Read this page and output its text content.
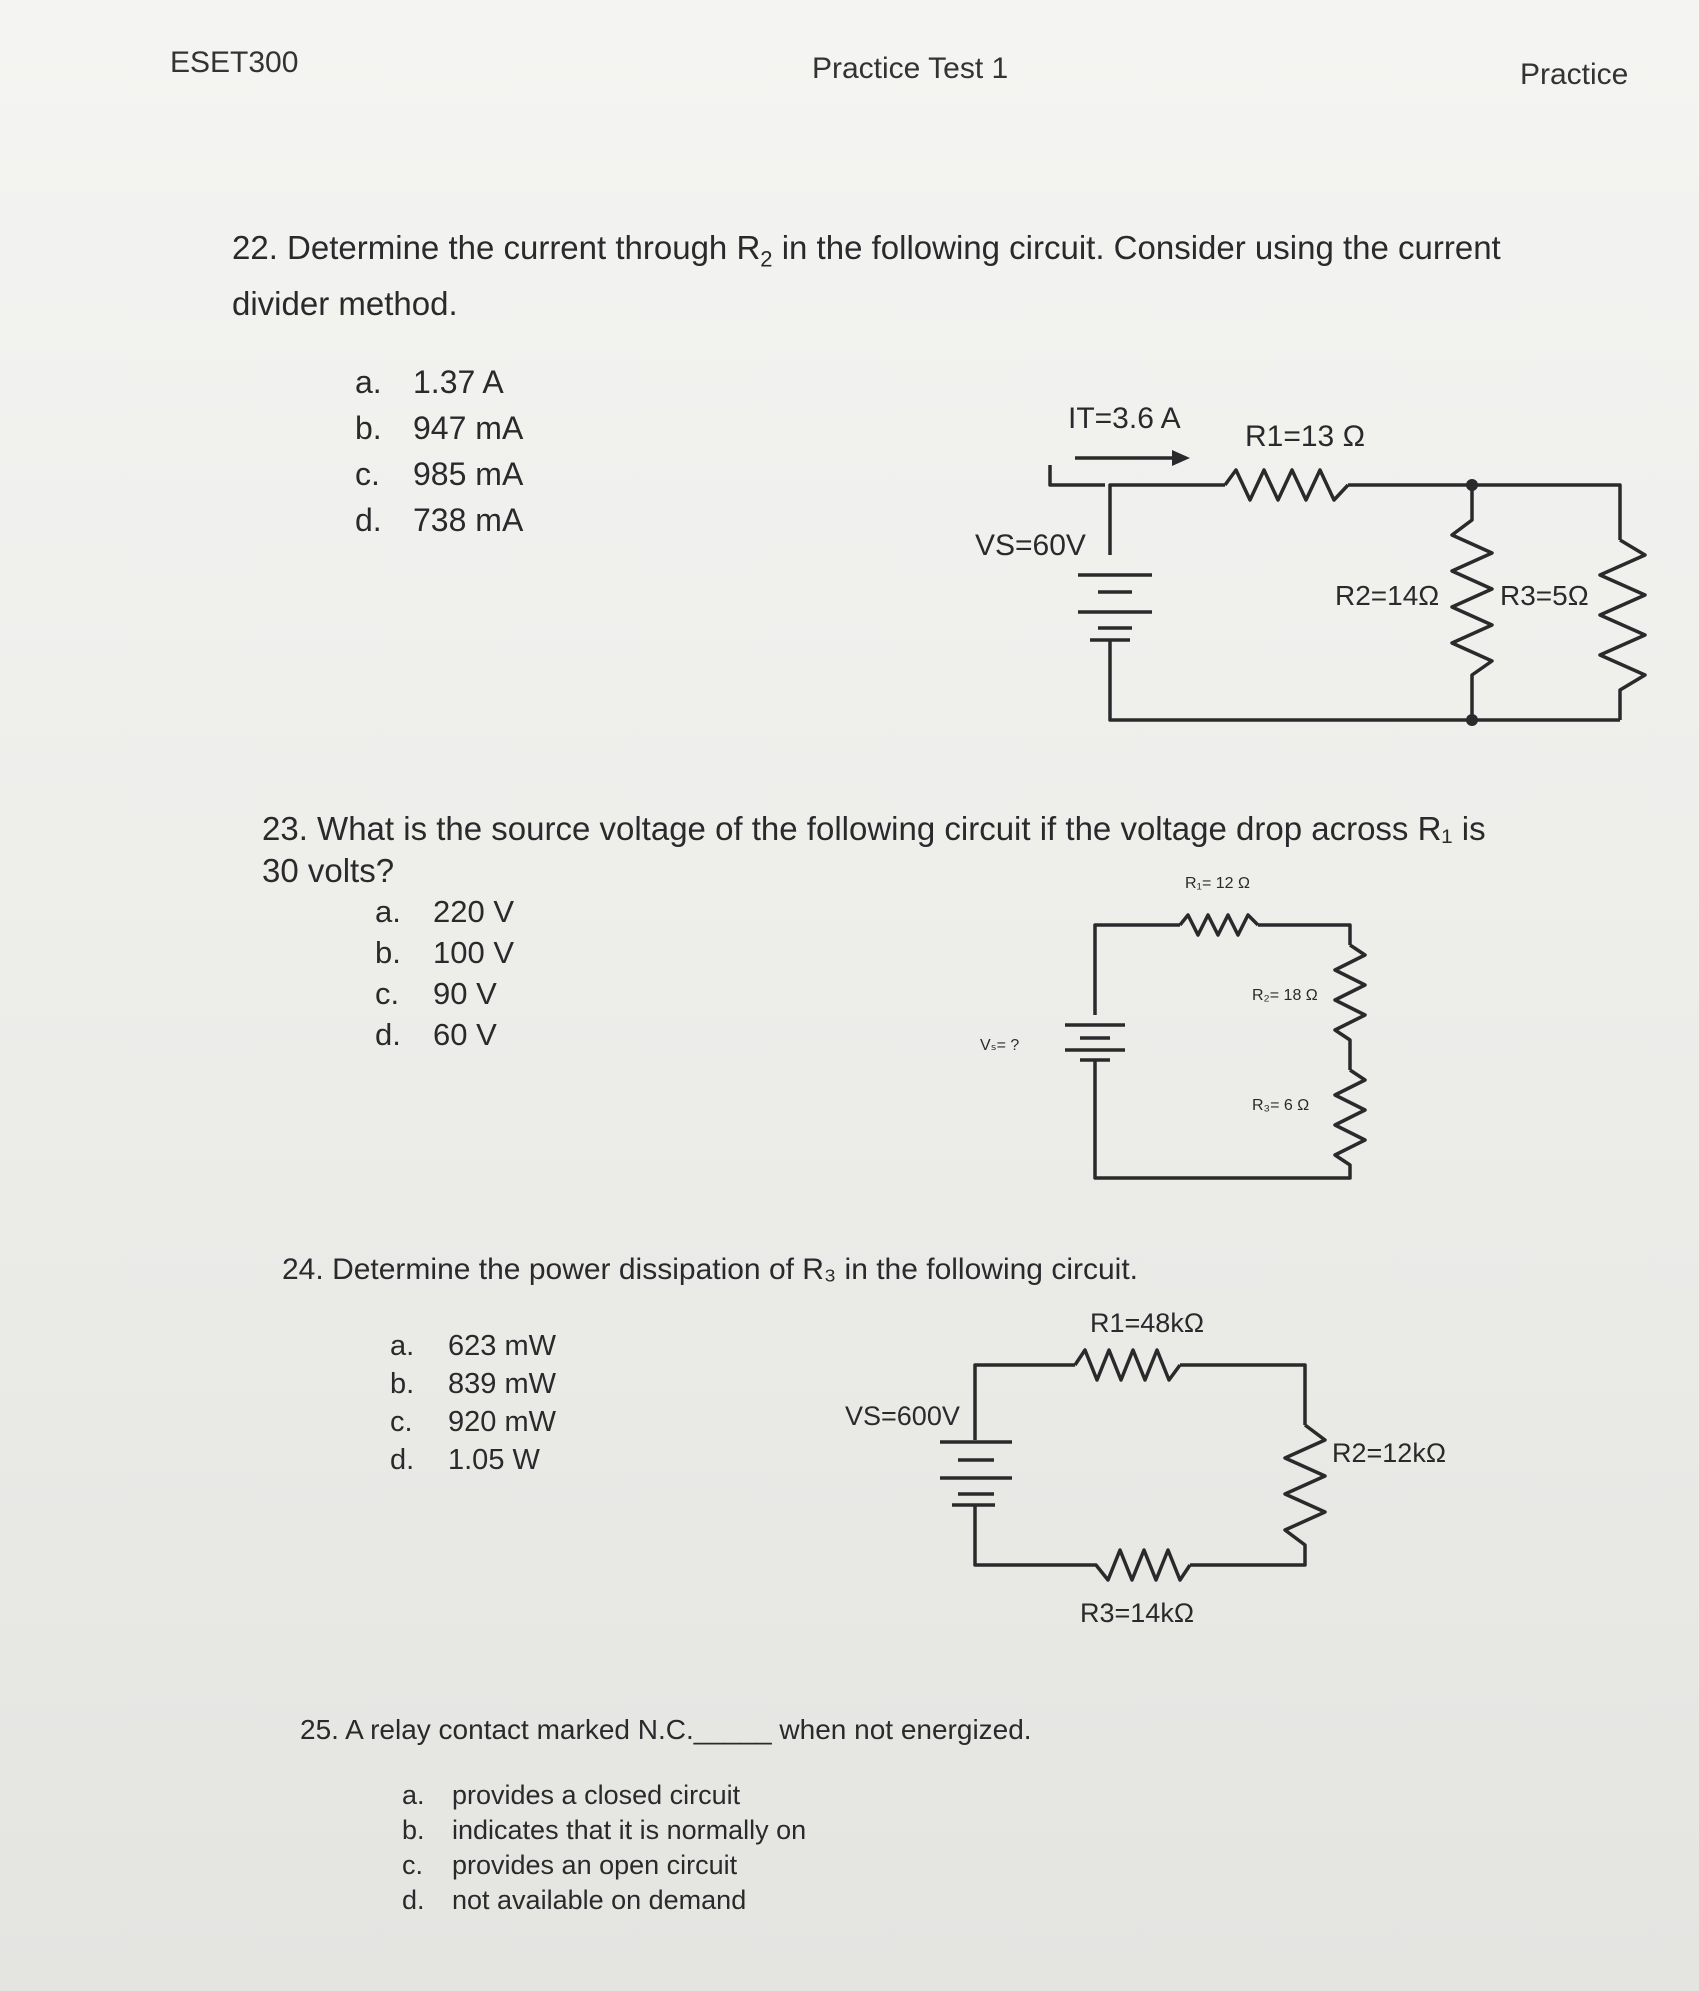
ESET300	Practice Test 1	Practice
22. Determine the current through $R_2$ in the following circuit. Consider using the current divider method.
a. 1.37 A
b. 947 mA
c.	985 mA
d. 738 mA
IT=3.6 A
R1=13 Ω
VS=60V
R2=14Ω R3=5Ω
R₁= 12 Ω
R₂= 18 Ω
R₃= 6 Ω
Vₛ= ?
R1=48kΩ
VS=600V
R2=12kΩ
R3=14kΩ
23. What is the source voltage of the following circuit if the voltage drop across R₁ is 30 volts?
a.	220 V
b.	100 V
c.	90 V
d.	60 V
24. Determine the power dissipation of R₃ in the following circuit.
a.	623 mW
b.	839 mW
c.	920 mW
d.	1.05 W
25. A relay contact marked N.C._____ when not energized.
a.	provides a closed circuit
b.	indicates that it is normally on
c.	provides an open circuit
d.	not available on demand
